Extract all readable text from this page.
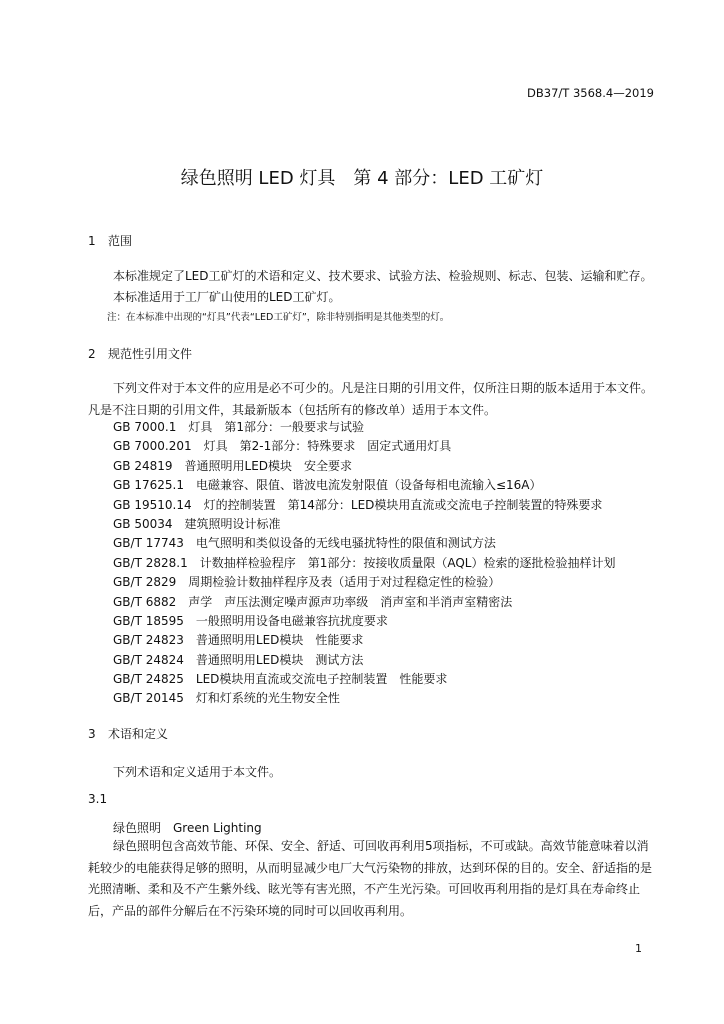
DB37/T 3568.4—2019
绿色照明 LED 灯具　第 4 部分：LED 工矿灯
1 范围
本标准规定了LED工矿灯的术语和定义、技术要求、试验方法、检验规则、标志、包装、运输和贮存。
本标准适用于工厂矿山使用的LED工矿灯。
注：在本标准中出现的“灯具”代表“LED工矿灯”，除非特别指明是其他类型的灯。
2 规范性引用文件

下列文件对于本文件的应用是必不可少的。凡是注日期的引用文件，仅所注日期的版本适用于本文件。凡是不注日期的引用文件，其最新版本（包括所有的修改单）适用于本文件。

GB 7000.1 灯具　第1部分：一般要求与试验
GB 7000.201 灯具　第2-1部分：特殊要求　固定式通用灯具
GB 24819 普通照明用LED模块　安全要求
GB 17625.1 电磁兼容、限值、谐波电流发射限值（设备每相电流输入≤16A）
GB 19510.14 灯的控制装置　第14部分：LED模块用直流或交流电子控制装置的特殊要求
GB 50034 建筑照明设计标准
GB/T 17743 电气照明和类似设备的无线电骚扰特性的限值和测试方法
GB/T 2828.1 计数抽样检验程序　第1部分：按接收质量限（AQL）检索的逐批检验抽样计划
GB/T 2829 周期检验计数抽样程序及表（适用于对过程稳定性的检验）
GB/T 6882 声学　声压法测定噪声源声功率级　消声室和半消声室精密法
GB/T 18595 一般照明用设备电磁兼容抗扰度要求
GB/T 24823 普通照明用LED模块　性能要求
GB/T 24824 普通照明用LED模块　测试方法
GB/T 24825 LED模块用直流或交流电子控制装置　性能要求
GB/T 20145 灯和灯系统的光生物安全性
3 术语和定义
下列术语和定义适用于本文件。
3.1
绿色照明　Green Lighting

绿色照明包含高效节能、环保、安全、舒适、可回收再利用5项指标，不可或缺。高效节能意味着以消耗较少的电能获得足够的照明，从而明显减少电厂大气污染物的排放，达到环保的目的。安全、舒适指的是光照清晰、柔和及不产生紫外线、眩光等有害光照，不产生光污染。可回收再利用指的是灯具在寿命终止后，产品的部件分解后在不污染环境的同时可以回收再利用。

1
